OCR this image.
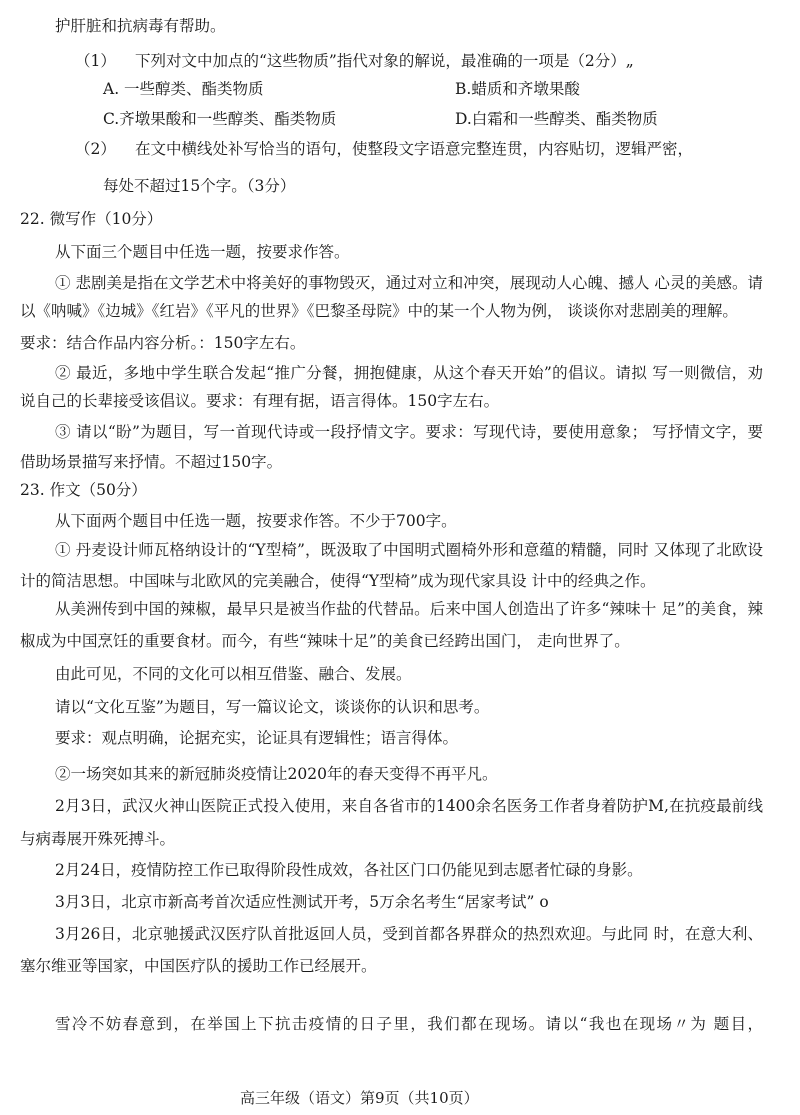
护肝脏和抗病毒有帮助。
（1） 下列对文中加点的“这些物质”指代对象的解说，最准确的一项是（2分）„
A. 一些醇类、酯类物质	B.蜡质和齐墩果酸
C.齐墩果酸和一些醇类、酯类物质	D.白霜和一些醇类、酯类物质
（2） 在文中横线处补写恰当的语句，使整段文字语意完整连贯，内容贴切，逻辑严密，
每处不超过15个字。（3分）
22. 微写作（10分）
从下面三个题目中任选一题，按要求作答。
① 悲剧美是指在文学艺术中将美好的事物毁灭，通过对立和冲突，展现动人心魄、撼人 心灵的美感。请
以《呐喊》《边城》《红岩》《平凡的世界》《巴黎圣母院》中的某一个人物为例， 谈谈你对悲剧美的理解。
要求：结合作品内容分析。：150字左右。
② 最近，多地中学生联合发起“推广分餐，拥抱健康，从这个春天开始”的倡议。请拟 写一则微信，劝
说自己的长辈接受该倡议。要求：有理有据，语言得体。150字左右。
③ 请以“盼”为题目，写一首现代诗或一段抒情文字。要求：写现代诗，要使用意象； 写抒情文字，要
借助场景描写来抒情。不超过150字。
23. 作文（50分）
从下面两个题目中任选一题，按要求作答。不少于700字。
① 丹麦设计师瓦格纳设计的“Y型椅”，既汲取了中国明式圈椅外形和意蕴的精髓，同时 又体现了北欧设
计的简洁思想。中国味与北欧风的完美融合，使得“Y型椅”成为现代家具设 计中的经典之作。
从美洲传到中国的辣椒，最早只是被当作盐的代替品。后来中国人创造出了许多“辣味十 足”的美食，辣
椒成为中国烹饪的重要食材。而今，有些“辣味十足”的美食已经跨出国门， 走向世界了。
由此可见，不同的文化可以相互借鉴、融合、发展。
请以“文化互鉴”为题目，写一篇议论文，谈谈你的认识和思考。
要求：观点明确，论据充实，论证具有逻辑性；语言得体。
②一场突如其来的新冠肺炎疫情让2020年的春天变得不再平凡。
2月3日，武汉火神山医院正式投入使用，来自各省市的1400余名医务工作者身着防护M,在抗疫最前线
与病毒展开殊死搏斗。
2月24日，疫情防控工作已取得阶段性成效，各社区门口仍能见到志愿者忙碌的身影。
3月3日，北京市新高考首次适应性测试开考，5万余名考生“居家考试” o
3月26日，北京驰援武汉医疗队首批返回人员，受到首都各界群众的热烈欢迎。与此同 时，在意大利、
塞尔维亚等国家，中国医疗队的援助工作已经展开。
雪冷不妨春意到，在举国上下抗击疫情的日子里，我们都在现场。请以“我也在现场〃为 题目，
高三年级（语文）第9页（共10页）
